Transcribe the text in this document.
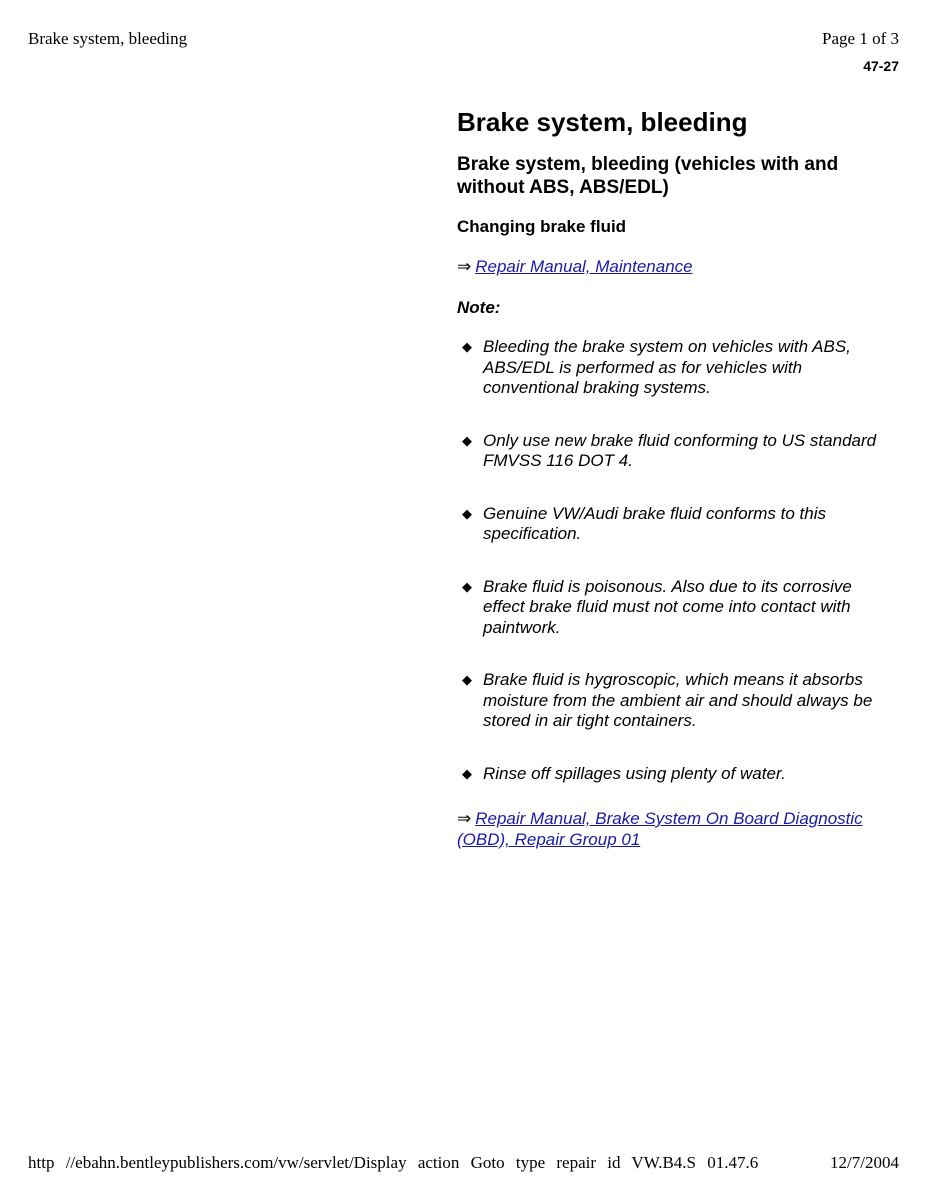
Brake system, bleeding	Page 1 of 3
47-27
Brake system, bleeding
Brake system, bleeding (vehicles with and without ABS, ABS/EDL)
Changing brake fluid
⇒ Repair Manual, Maintenance
Note:
◆ Bleeding the brake system on vehicles with ABS, ABS/EDL is performed as for vehicles with conventional braking systems.
◆ Only use new brake fluid conforming to US standard FMVSS 116 DOT 4.
◆ Genuine VW/Audi brake fluid conforms to this specification.
◆ Brake fluid is poisonous. Also due to its corrosive effect brake fluid must not come into contact with paintwork.
◆ Brake fluid is hygroscopic, which means it absorbs moisture from the ambient air and should always be stored in air tight containers.
◆ Rinse off spillages using plenty of water.
⇒ Repair Manual, Brake System On Board Diagnostic (OBD), Repair Group 01
http //ebahn.bentleypublishers.com/vw/servlet/Display action Goto type repair id VW.B4.S 01.47.6	12/7/2004
